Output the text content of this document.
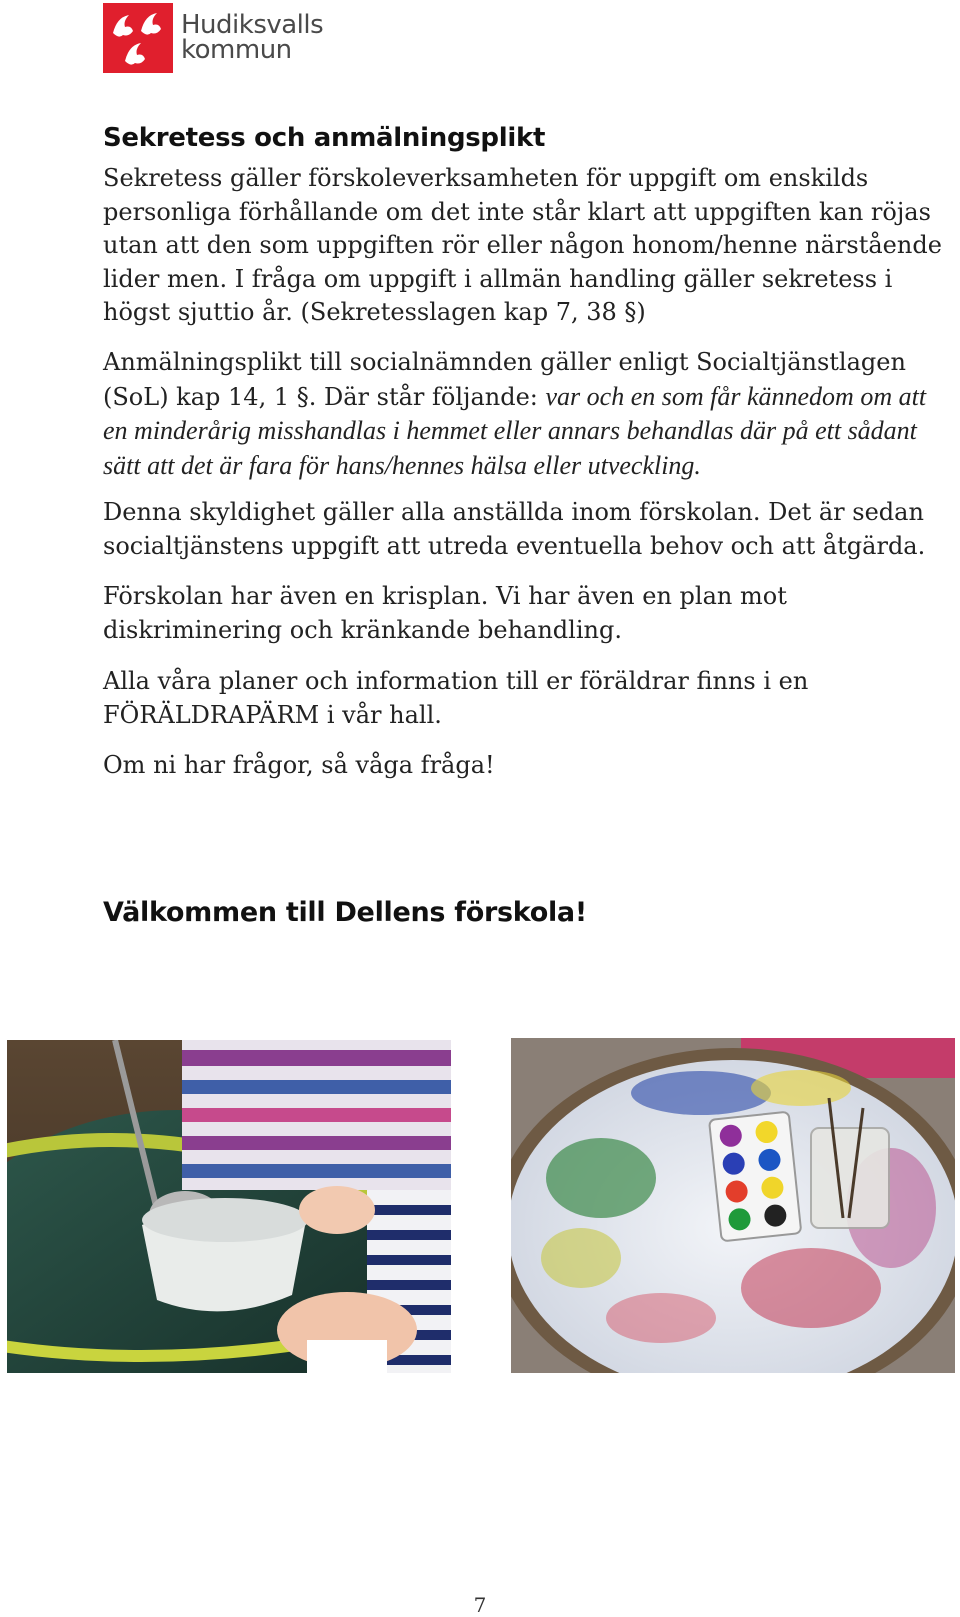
Hudiksvalls
kommun
Sekretess och anmälningsplikt

Sekretess gäller förskoleverksamheten för uppgift om enskilds personliga förhållande om det inte står klart att uppgiften kan röjas utan att den som uppgiften rör eller någon honom/henne närstående lider men. I fråga om uppgift i allmän handling gäller sekretess i högst sjuttio år. (Sekretesslagen kap 7, 38 §)

Anmälningsplikt till socialnämnden gäller enligt Socialtjänstlagen (SoL) kap 14, 1 §. Där står följande: var och en som får kännedom om att en minderårig misshandlas i hemmet eller annars behandlas där på ett sådant sätt att det är fara för hans/hennes hälsa eller utveckling.

Denna skyldighet gäller alla anställda inom förskolan. Det är sedan socialtjänstens uppgift att utreda eventuella behov och att åtgärda.

Förskolan har även en krisplan. Vi har även en plan mot diskriminering och kränkande behandling.

Alla våra planer och information till er föräldrar finns i en FÖRÄLDRAPÄRM i vår hall.

Om ni har frågor, så våga fråga!

Välkommen till Dellens förskola!
7
